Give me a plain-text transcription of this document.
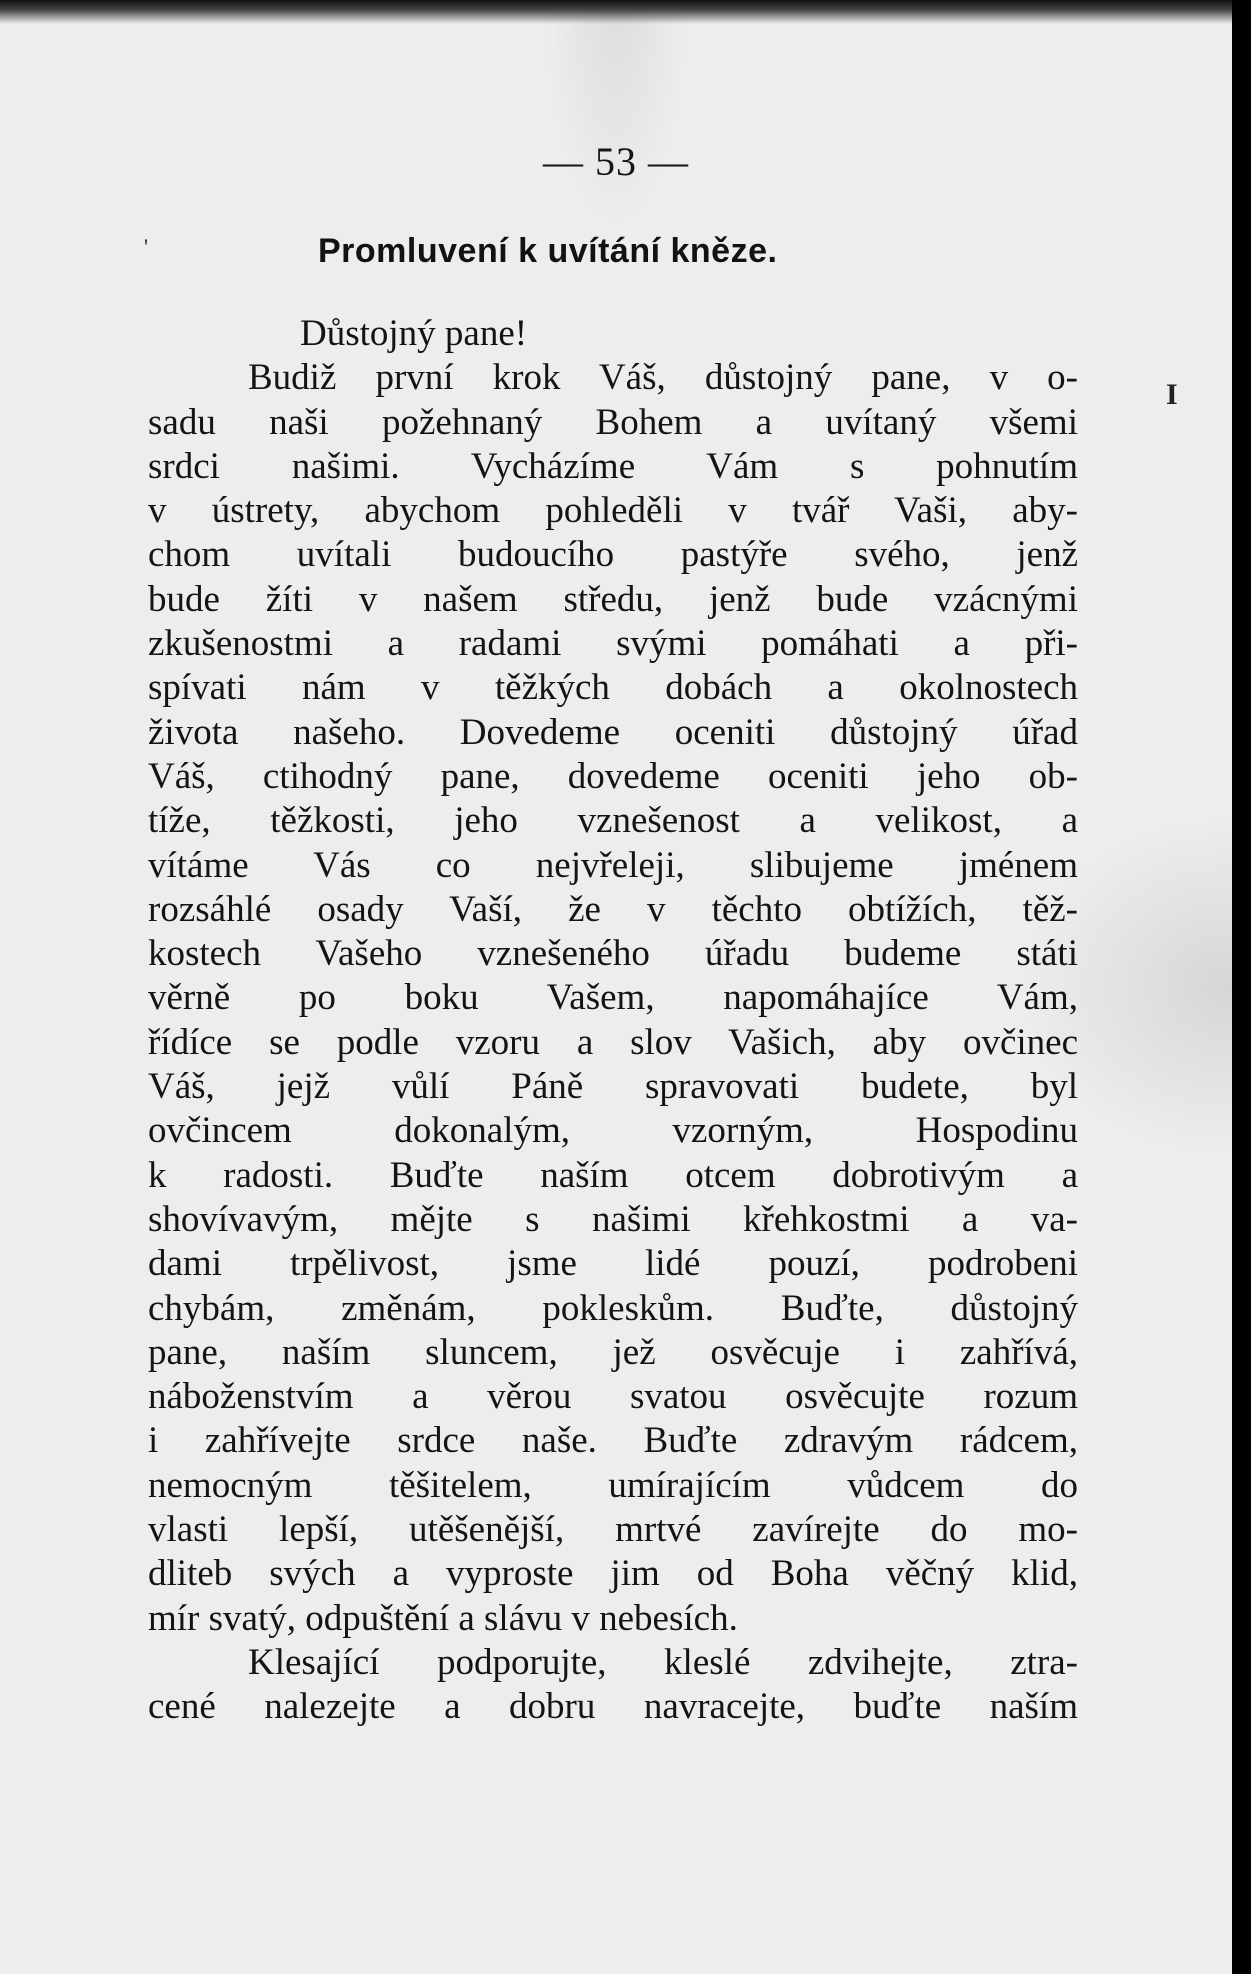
— 53 —
'	Promluvení k uvítání kněze.
I
Důstojný pane!
Budiž první krok Váš, důstojný pane, v o-
sadu naši požehnaný Bohem a uvítaný všemi
srdci našimi. Vycházíme Vám s pohnutím
v ústrety, abychom pohleděli v tvář Vaši, aby-
chom uvítali budoucího pastýře svého, jenž
bude žíti v našem středu, jenž bude vzácnými
zkušenostmi a radami svými pomáhati a při-
spívati nám v těžkých dobách a okolnostech
života našeho. Dovedeme oceniti důstojný úřad
Váš, ctihodný pane, dovedeme oceniti jeho ob-
tíže, těžkosti, jeho vznešenost a velikost, a
vítáme Vás co nejvřeleji, slibujeme jménem
rozsáhlé osady Vaší, že v těchto obtížích, těž-
kostech Vašeho vznešeného úřadu budeme státi
věrně po boku Vašem, napomáhajíce Vám,
řídíce se podle vzoru a slov Vašich, aby ovčinec
Váš, jejž vůlí Páně spravovati budete, byl
ovčincem dokonalým, vzorným, Hospodinu
k radosti. Buďte naším otcem dobrotivým a
shovívavým, mějte s našimi křehkostmi a va-
dami trpělivost, jsme lidé pouzí, podrobeni
chybám, změnám, pokleskům. Buďte, důstojný
pane, naším sluncem, jež osvěcuje i zahřívá,
náboženstvím a věrou svatou osvěcujte rozum
i zahřívejte srdce naše. Buďte zdravým rádcem,
nemocným těšitelem, umírajícím vůdcem do
vlasti lepší, utěšenější, mrtvé zavírejte do mo-
dliteb svých a vyproste jim od Boha věčný klid,
mír svatý, odpuštění a slávu v nebesích.
Klesající podporujte, kleslé zdvihejte, ztra-
cené nalezejte a dobru navracejte, buďte naším
